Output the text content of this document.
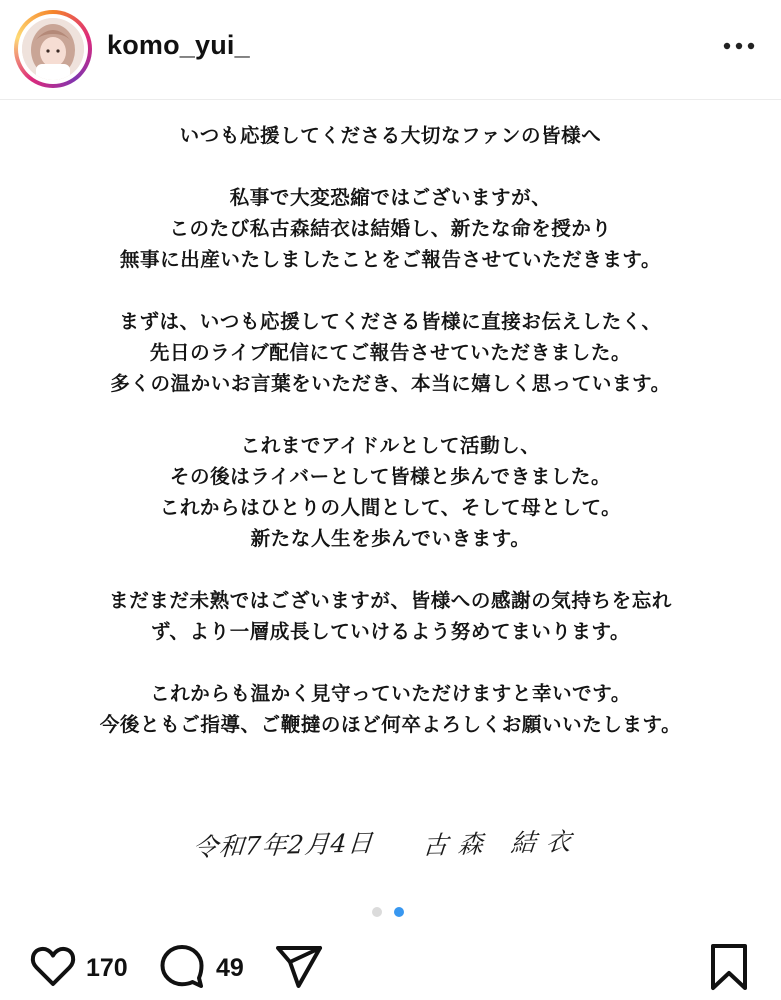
komo_yui_
いつも応援してくださる大切なファンの皆様へ
私事で大変恐縮ではございますが、
このたび私古森結衣は結婚し、新たな命を授かり
無事に出産いたしましたことをご報告させていただきます。
まずは、いつも応援してくださる皆様に直接お伝えしたく、
先日のライブ配信にてご報告させていただきました。
多くの温かいお言葉をいただき、本当に嬉しく思っています。
これまでアイドルとして活動し、
その後はライバーとして皆様と歩んできました。
これからはひとりの人間として、そして母として。
新たな人生を歩んでいきます。
まだまだ未熟ではございますが、皆様への感謝の気持ちを忘れ
ず、より一層成長していけるよう努めてまいります。
これからも温かく見守っていただけますと幸いです。
今後ともご指導、ご鞭撻のほど何卒よろしくお願いいたします。
令和7年2月4日 古森 結衣
170	49
